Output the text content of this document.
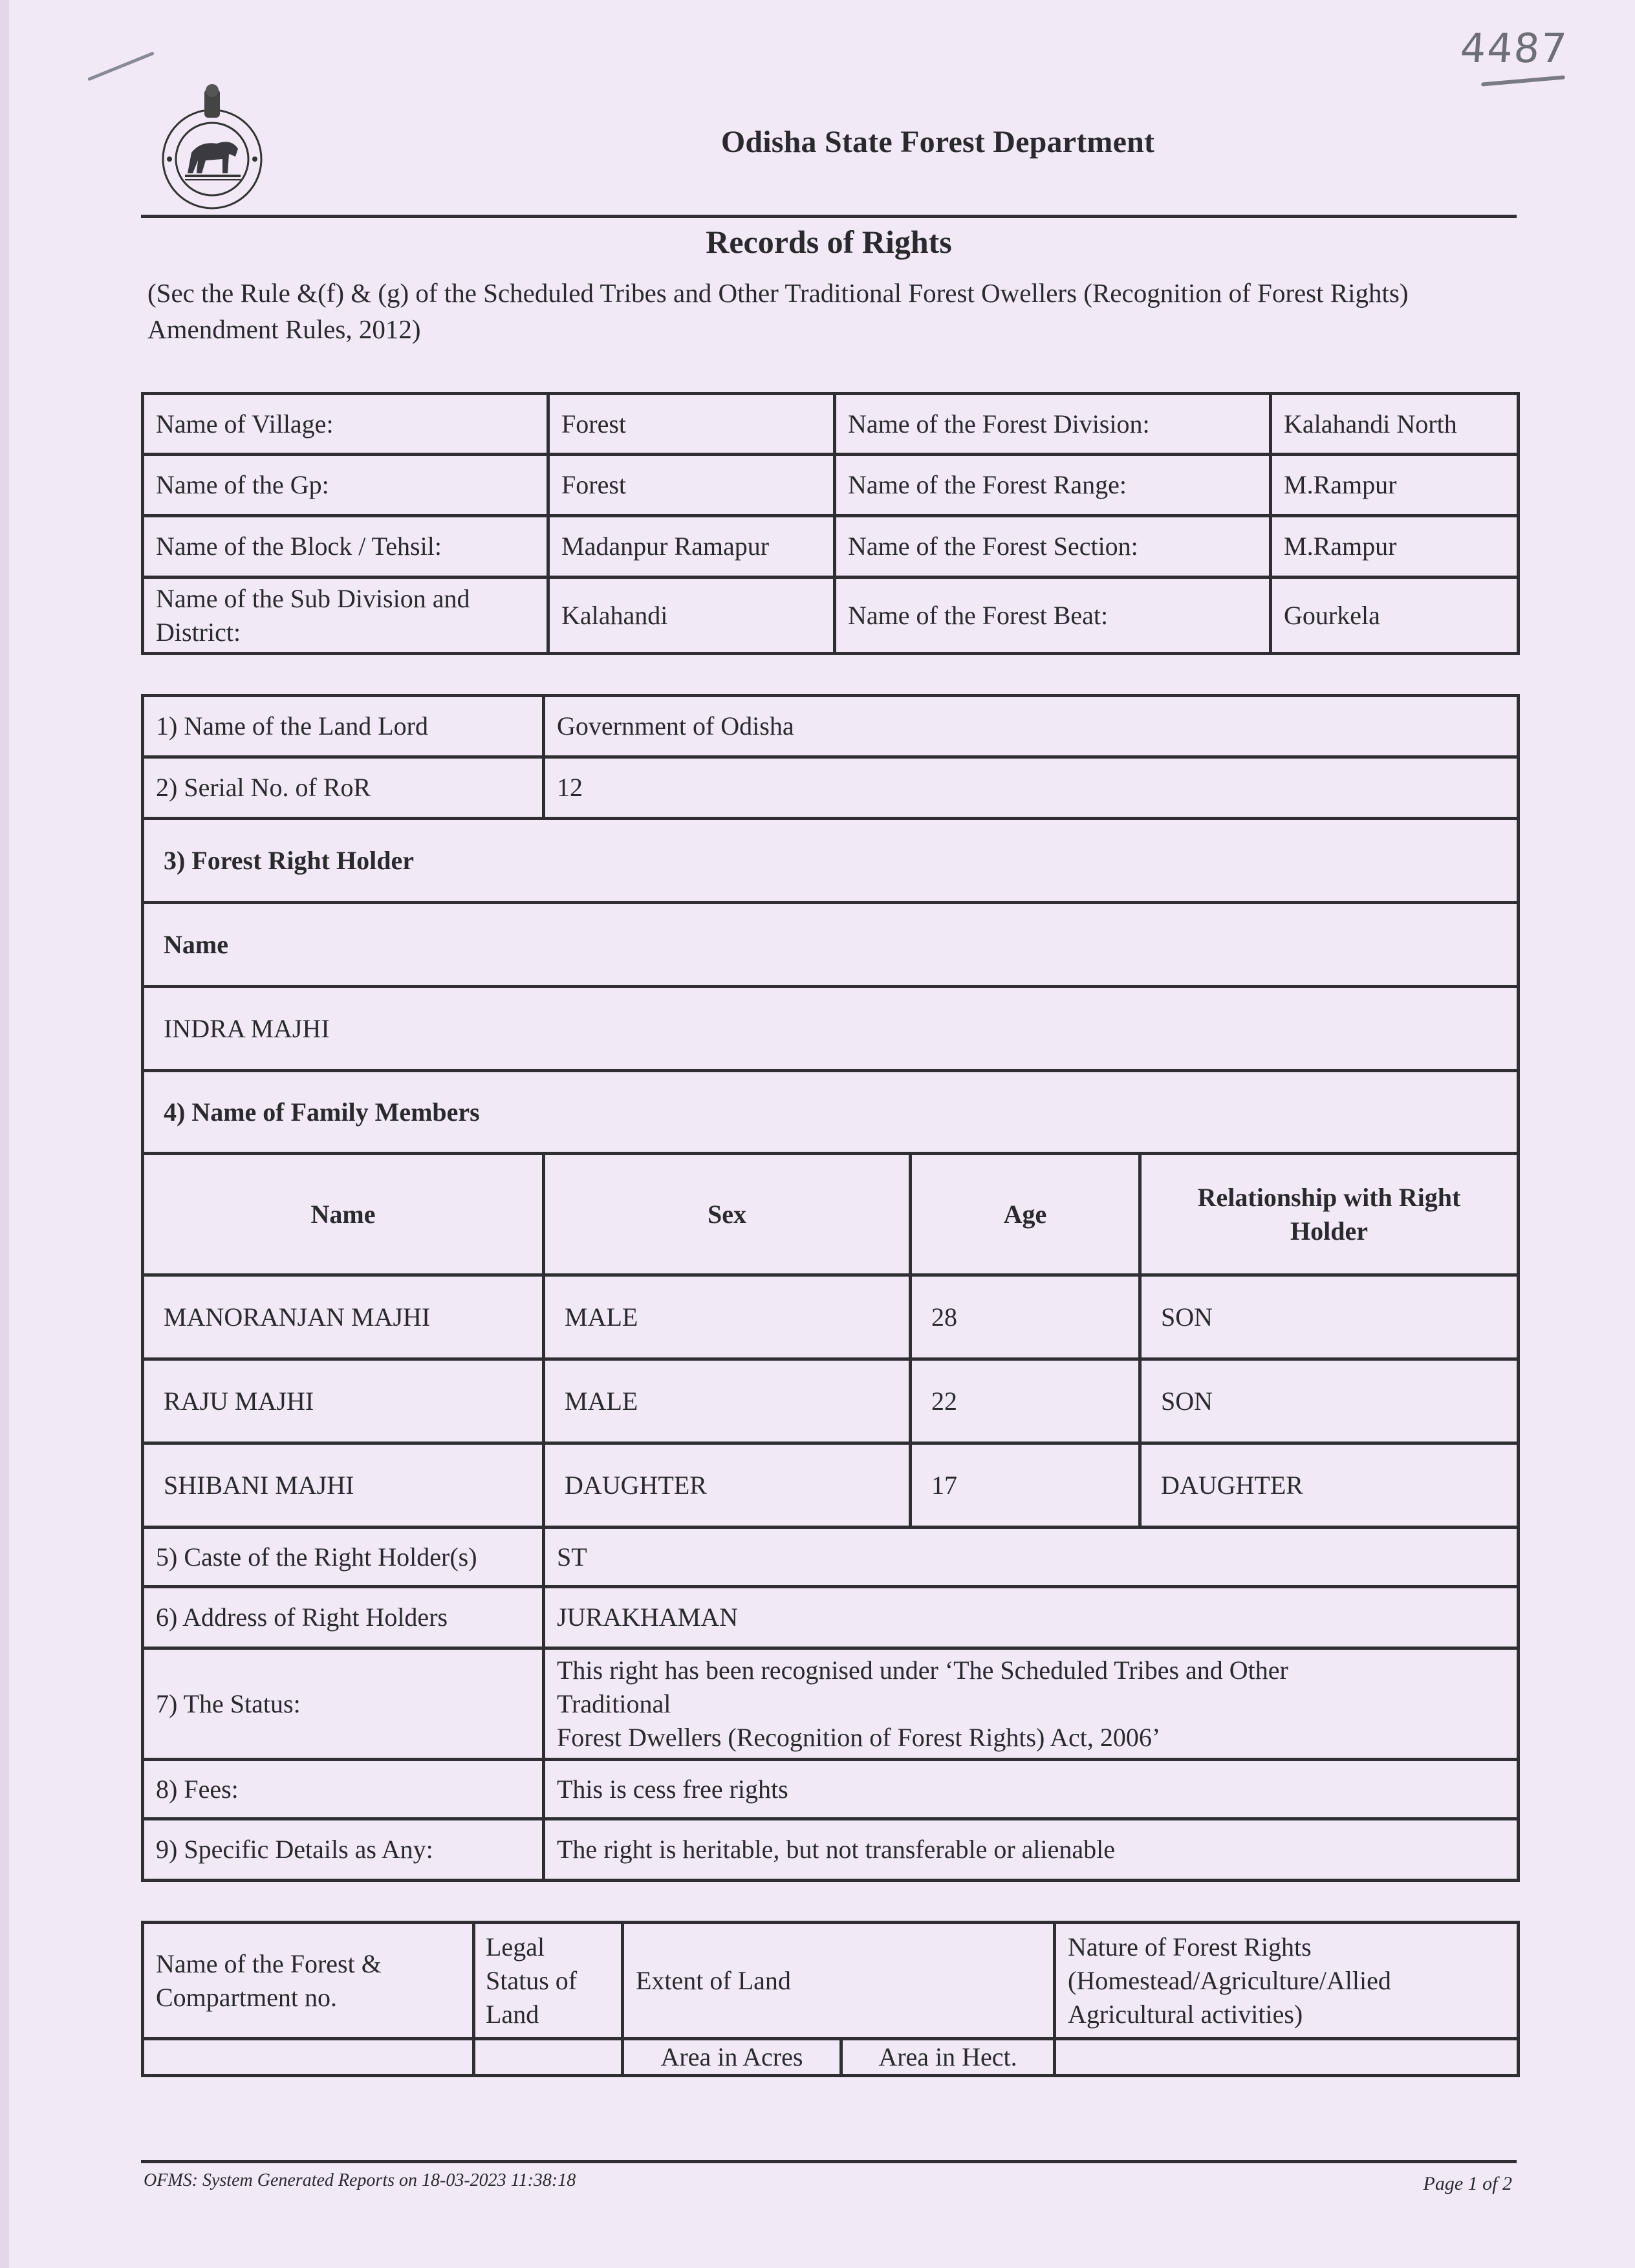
4487
Odisha State Forest Department
Records of Rights
(Sec the Rule &(f) & (g) of the Scheduled Tribes and Other Traditional Forest Owellers (Recognition of Forest Rights) Amendment Rules, 2012)
Name of Village:	Forest	Name of the Forest Division:	Kalahandi North
Name of the Gp:	Forest	Name of the Forest Range:	M.Rampur
Name of the Block / Tehsil:	Madanpur Ramapur	Name of the Forest Section:	M.Rampur
Name of the Sub Division and District:	Kalahandi	Name of the Forest Beat:	Gourkela
1) Name of the Land Lord	Government of Odisha		
2) Serial No. of RoR	12		
3) Forest Right Holder			
Name			
INDRA MAJHI			
4) Name of Family Members			
Name	Sex	Age	Relationship with Right Holder
MANORANJAN MAJHI	MALE	28	SON
RAJU MAJHI	MALE	22	SON
SHIBANI MAJHI	DAUGHTER	17	DAUGHTER
5) Caste of the Right Holder(s)	ST		
6) Address of Right Holders	JURAKHAMAN		
7) The Status:	This right has been recognised under ‘The Scheduled Tribes and Other
Traditional
Forest Dwellers (Recognition of Forest Rights) Act, 2006’		

8) Fees:	This is cess free rights		
9) Specific Details as Any:	The right is heritable, but not transferable or alienable		
Name of the Forest & Compartment no.	Legal Status of Land	Extent of Land		Nature of Forest Rights (Homestead/Agriculture/Allied Agricultural activities)
		Area in Acres	Area in Hect.	
OFMS: System Generated Reports on 18-03-2023 11:38:18	Page 1 of 2
